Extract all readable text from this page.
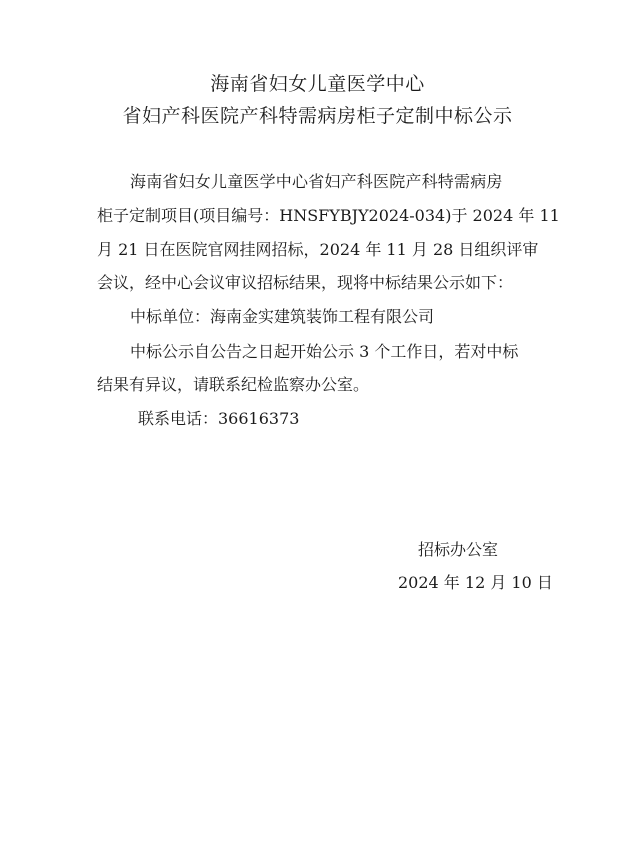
海南省妇女儿童医学中心
省妇产科医院产科特需病房柜子定制中标公示
海南省妇女儿童医学中心省妇产科医院产科特需病房
柜子定制项目(项目编号：HNSFYBJY2024-034)于 2024 年 11
月 21 日在医院官网挂网招标，2024 年 11 月 28 日组织评审
会议，经中心会议审议招标结果，现将中标结果公示如下：
中标单位：海南金实建筑装饰工程有限公司
中标公示自公告之日起开始公示 3 个工作日，若对中标
结果有异议，请联系纪检监察办公室。
联系电话：36616373
招标办公室
2024 年 12 月 10 日
